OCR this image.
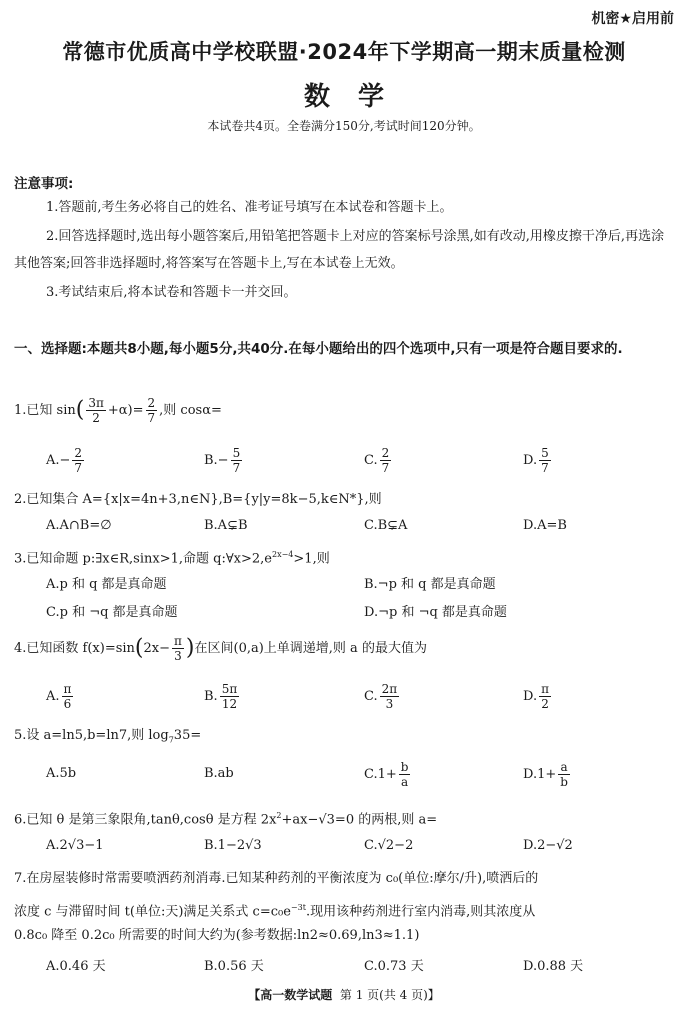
机密★启用前
常德市优质高中学校联盟·2024年下学期高一期末质量检测
数学
本试卷共4页。全卷满分150分,考试时间120分钟。
注意事项:
1.答题前,考生务必将自己的姓名、准考证号填写在本试卷和答题卡上。
2.回答选择题时,选出每小题答案后,用铅笔把答题卡上对应的答案标号涂黑,如有改动,用橡皮擦干净后,再选涂其他答案;回答非选择题时,将答案写在答题卡上,写在本试卷上无效。
3.考试结束后,将本试卷和答题卡一并交回。
一、选择题:本题共8小题,每小题5分,共40分.在每小题给出的四个选项中,只有一项是符合题目要求的.
1.已知 $\sin( \frac{3\pi}{2} +\alpha)= \frac{2}{7}$ ,则 cosα=
$A.- \frac{2}{7}$	$B.- \frac{5}{7}$	C. $\frac{2}{7}$	D. $\frac{5}{7}$
2.已知集合 A={x|x=4n+3,n∈N},B={y|y=8k−5,k∈N*},则
A.A∩B=∅	B.A⊊B	C.B⊊A	D.A=B
3.已知命题 p:∃x∈R,sinx>1,命题 $q:\forall x>2,e^{2x-4}>1$,则
A.p 和 q 都是真命题	B.¬p 和 q 都是真命题
C.p 和 ¬q 都是真命题	D.¬p 和 ¬q 都是真命题
4.已知函数 $f(x)=\sin(2x- \frac{\pi}{3}$ )在区间(0,a)上单调递增,则 a 的最大值为
A. $\frac{\pi}{6}$	B. $\frac{5\pi}{12}$	C. $\frac{2\pi}{3}$	D. $\frac{\pi}{2}$
5.设 a=ln5,b=ln7,则 $\log_735=$
A.5b	B.ab	$C.1+ \frac{b}{a}$	$D.1+ \frac{a}{b}$
6.已知 θ 是第三象限角,tanθ,cosθ 是方程 $2x^2+ax-√3=0$ 的两根,则 a=
A.2√3−1	B.1−2√3	C.√2−2	D.2−√2
7.在房屋装修时常需要喷洒药剂消毒.已知某种药剂的平衡浓度为 c₀(单位:摩尔/升),喷洒后的
浓度 c 与滞留时间 t(单位:天)满足关系式 $c=c_0e^{-3t}$.现用该种药剂进行室内消毒,则其浓度从
0.8c₀ 降至 0.2c₀ 所需要的时间大约为(参考数据:ln2≈0.69,ln3≈1.1)
A.0.46 天	B.0.56 天	C.0.73 天	D.0.88 天
【高一数学试题 第 1 页(共 4 页)】
